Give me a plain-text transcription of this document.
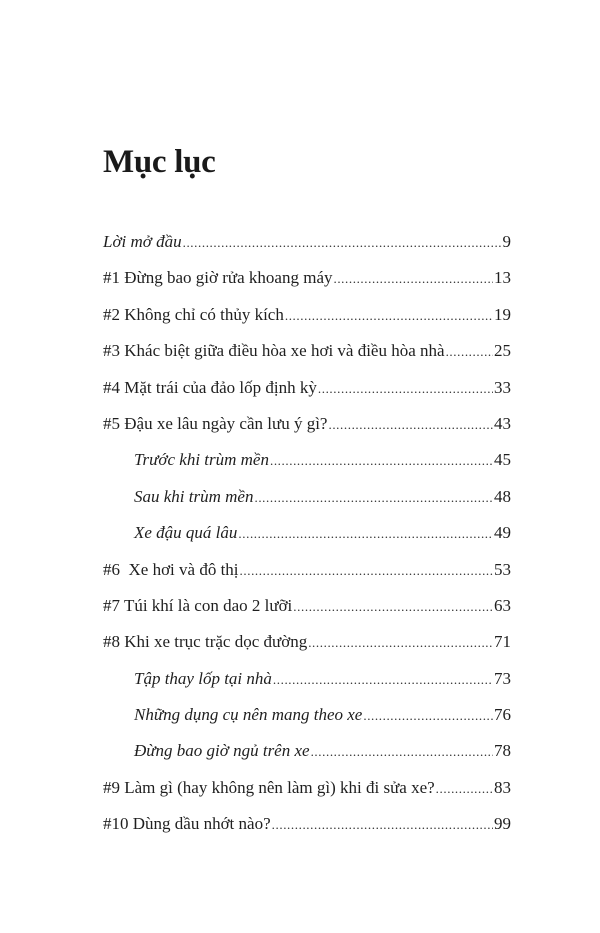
Mục lục
Lời mở đầu .....	9
#1 Đừng bao giờ rửa khoang máy .....	13
#2 Không chỉ có thủy kích .....	19
#3 Khác biệt giữa điều hòa xe hơi và điều hòa nhà .....	25
#4 Mặt trái của đảo lốp định kỳ .....	33
#5 Đậu xe lâu ngày cần lưu ý gì? .....	43
Trước khi trùm mền .....	45
Sau khi trùm mền .....	48
Xe đậu quá lâu .....	49
#6  Xe hơi và đô thị .....	53
#7 Túi khí là con dao 2 lưỡi .....	63
#8 Khi xe trục trặc dọc đường .....	71
Tập thay lốp tại nhà .....	73
Những dụng cụ nên mang theo xe .....	76
Đừng bao giờ ngủ trên xe .....	78
#9 Làm gì (hay không nên làm gì) khi đi sửa xe? .....	83
#10 Dùng dầu nhớt nào? .....	99
